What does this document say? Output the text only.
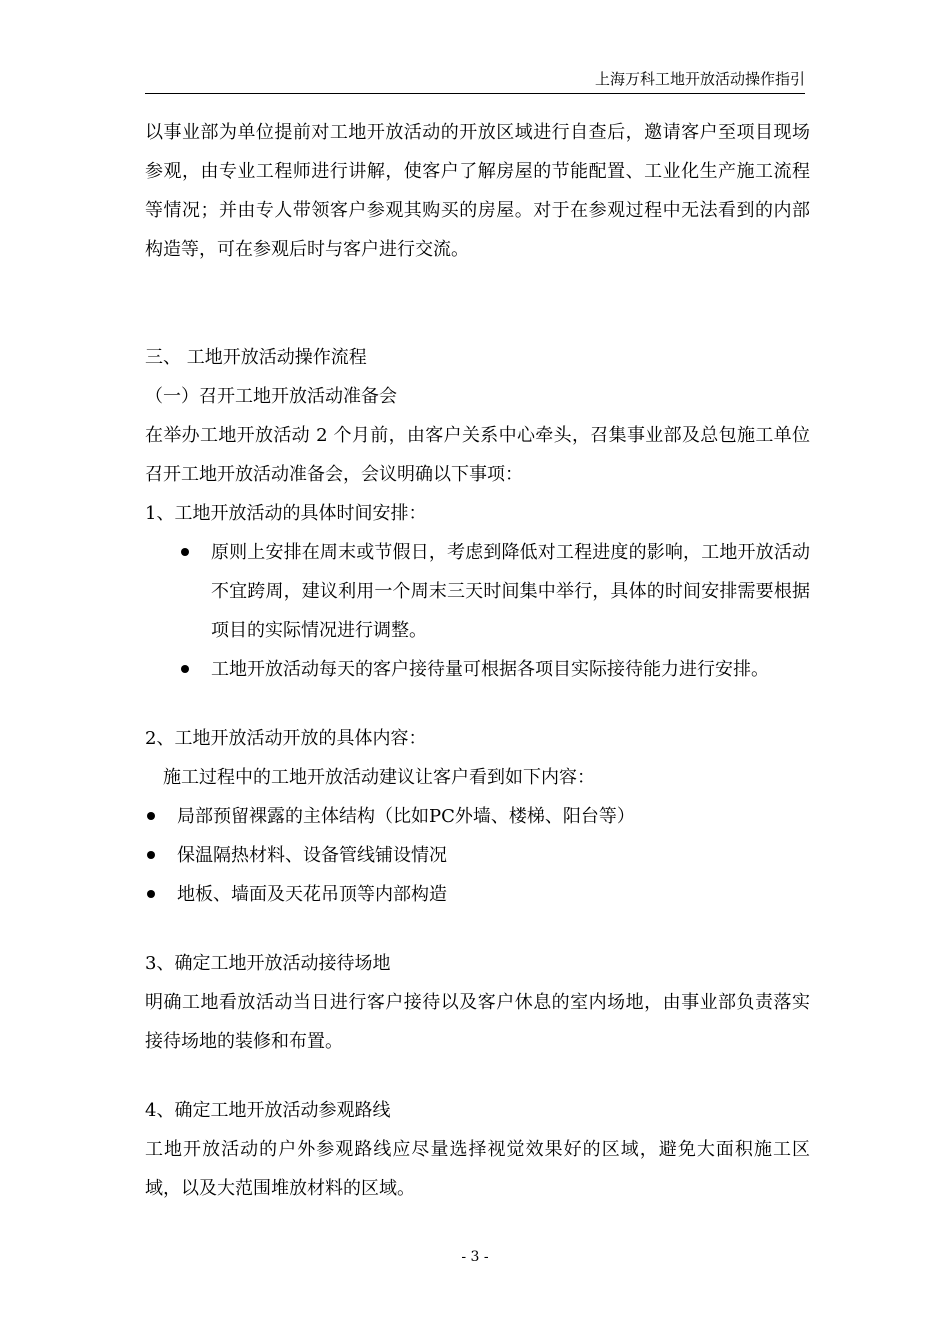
上海万科工地开放活动操作指引

以事业部为单位提前对工地开放活动的开放区域进行自查后，邀请客户至项目现场参观，由专业工程师进行讲解，使客户了解房屋的节能配置、工业化生产施工流程等情况；并由专人带领客户参观其购买的房屋。对于在参观过程中无法看到的内部构造等，可在参观后时与客户进行交流。

三、 工地开放活动操作流程

（一）召开工地开放活动准备会

在举办工地开放活动 2 个月前，由客户关系中心牵头，召集事业部及总包施工单位召开工地开放活动准备会，会议明确以下事项：

1、工地开放活动的具体时间安排：

原则上安排在周末或节假日，考虑到降低对工程进度的影响，工地开放活动不宜跨周，建议利用一个周末三天时间集中举行，具体的时间安排需要根据项目的实际情况进行调整。
工地开放活动每天的客户接待量可根据各项目实际接待能力进行安排。

2、工地开放活动开放的具体内容：

施工过程中的工地开放活动建议让客户看到如下内容：

局部预留裸露的主体结构（比如PC外墙、楼梯、阳台等）
保温隔热材料、设备管线铺设情况
地板、墙面及天花吊顶等内部构造

3、确定工地开放活动接待场地

明确工地看放活动当日进行客户接待以及客户休息的室内场地，由事业部负责落实接待场地的装修和布置。

4、确定工地开放活动参观路线

工地开放活动的户外参观路线应尽量选择视觉效果好的区域，避免大面积施工区域，以及大范围堆放材料的区域。

- 3 -
